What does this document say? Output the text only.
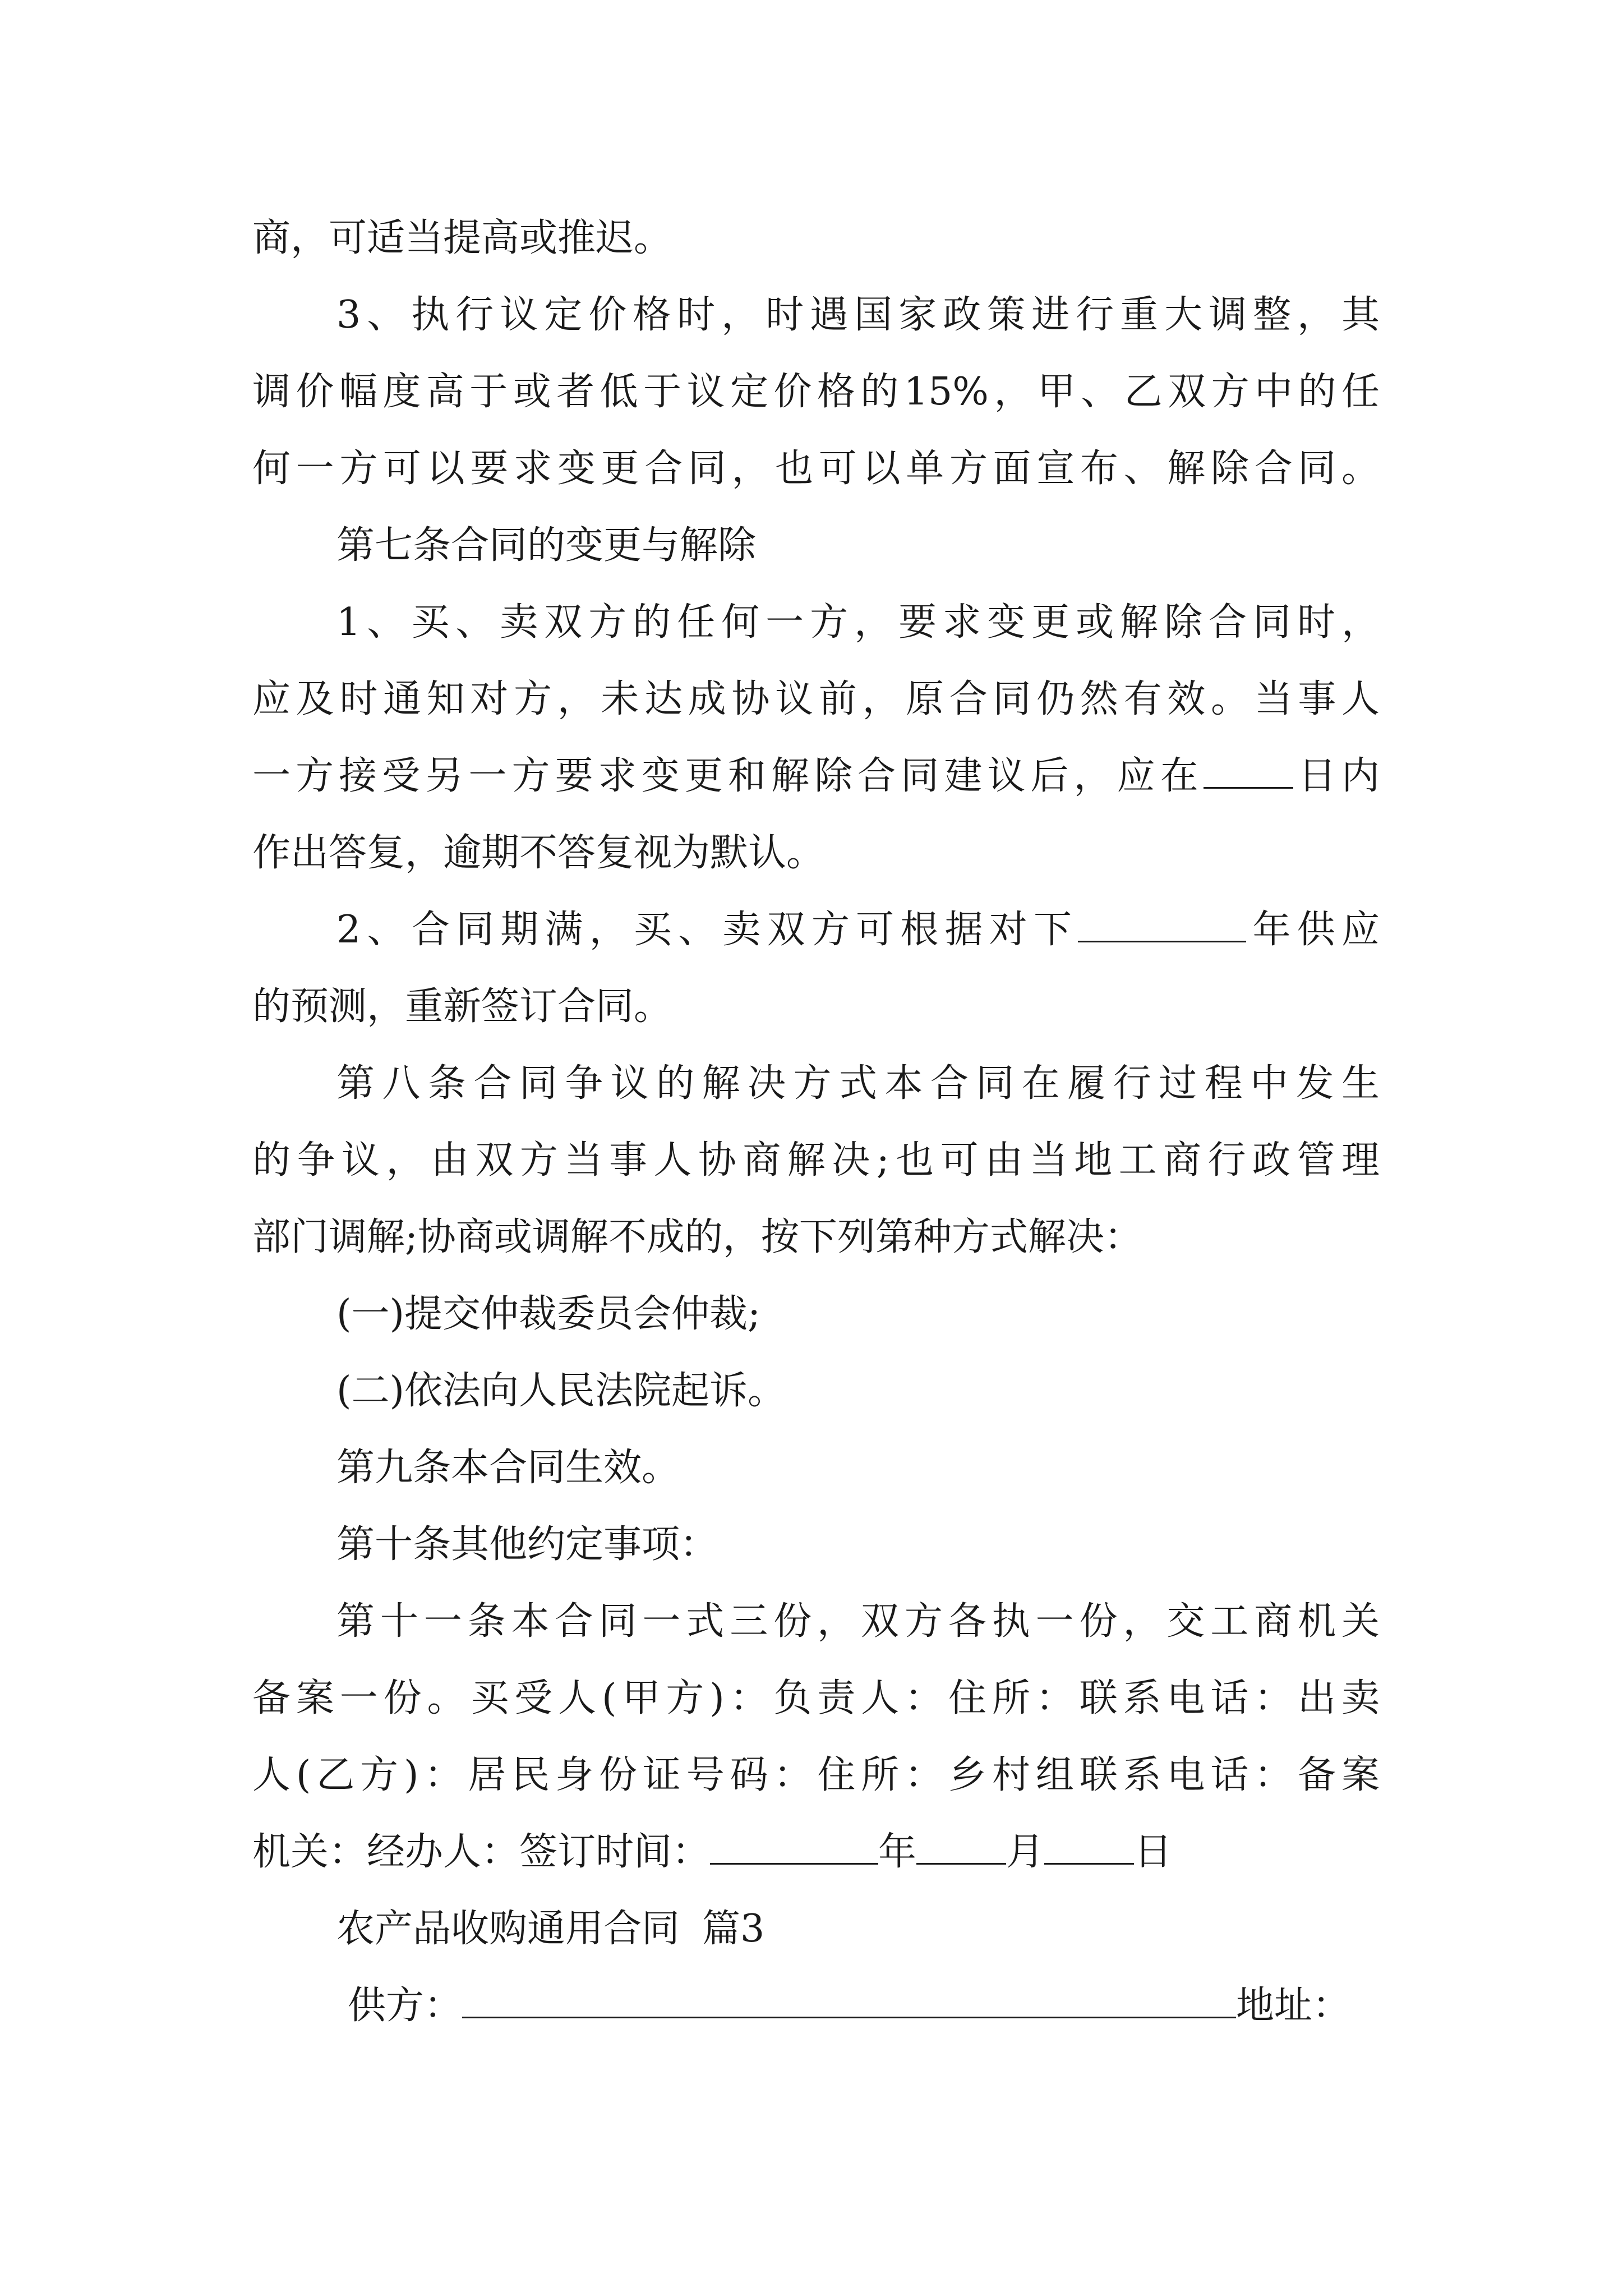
商，可适当提高或推迟。

3、执行议定价格时，时遇国家政策进行重大调整，其

调价幅度高于或者低于议定价格的15%，甲、乙双方中的任

何一方可以要求变更合同，也可以单方面宣布、解除合同。

第七条合同的变更与解除

1、买、卖双方的任何一方，要求变更或解除合同时，

应及时通知对方，未达成协议前，原合同仍然有效。当事人

一方接受另一方要求变更和解除合同建议后，应在 日内

作出答复，逾期不答复视为默认。

2、合同期满，买、卖双方可根据对下	年供应

的预测，重新签订合同。

第八条合同争议的解决方式本合同在履行过程中发生

的争议，由双方当事人协商解决;也可由当地工商行政管理

部门调解;协商或调解不成的，按下列第种方式解决：

(一)提交仲裁委员会仲裁;

(二)依法向人民法院起诉。

第九条本合同生效。

第十条其他约定事项：

第十一条本合同一式三份，双方各执一份，交工商机关

备案一份。买受人(甲方)：负责人：住所：联系电话：出卖

人(乙方)：居民身份证号码：住所：乡村组联系电话：备案

机关：经办人：签订时间：	年 月 日

农产品收购通用合同 篇3

供方：	地址：
